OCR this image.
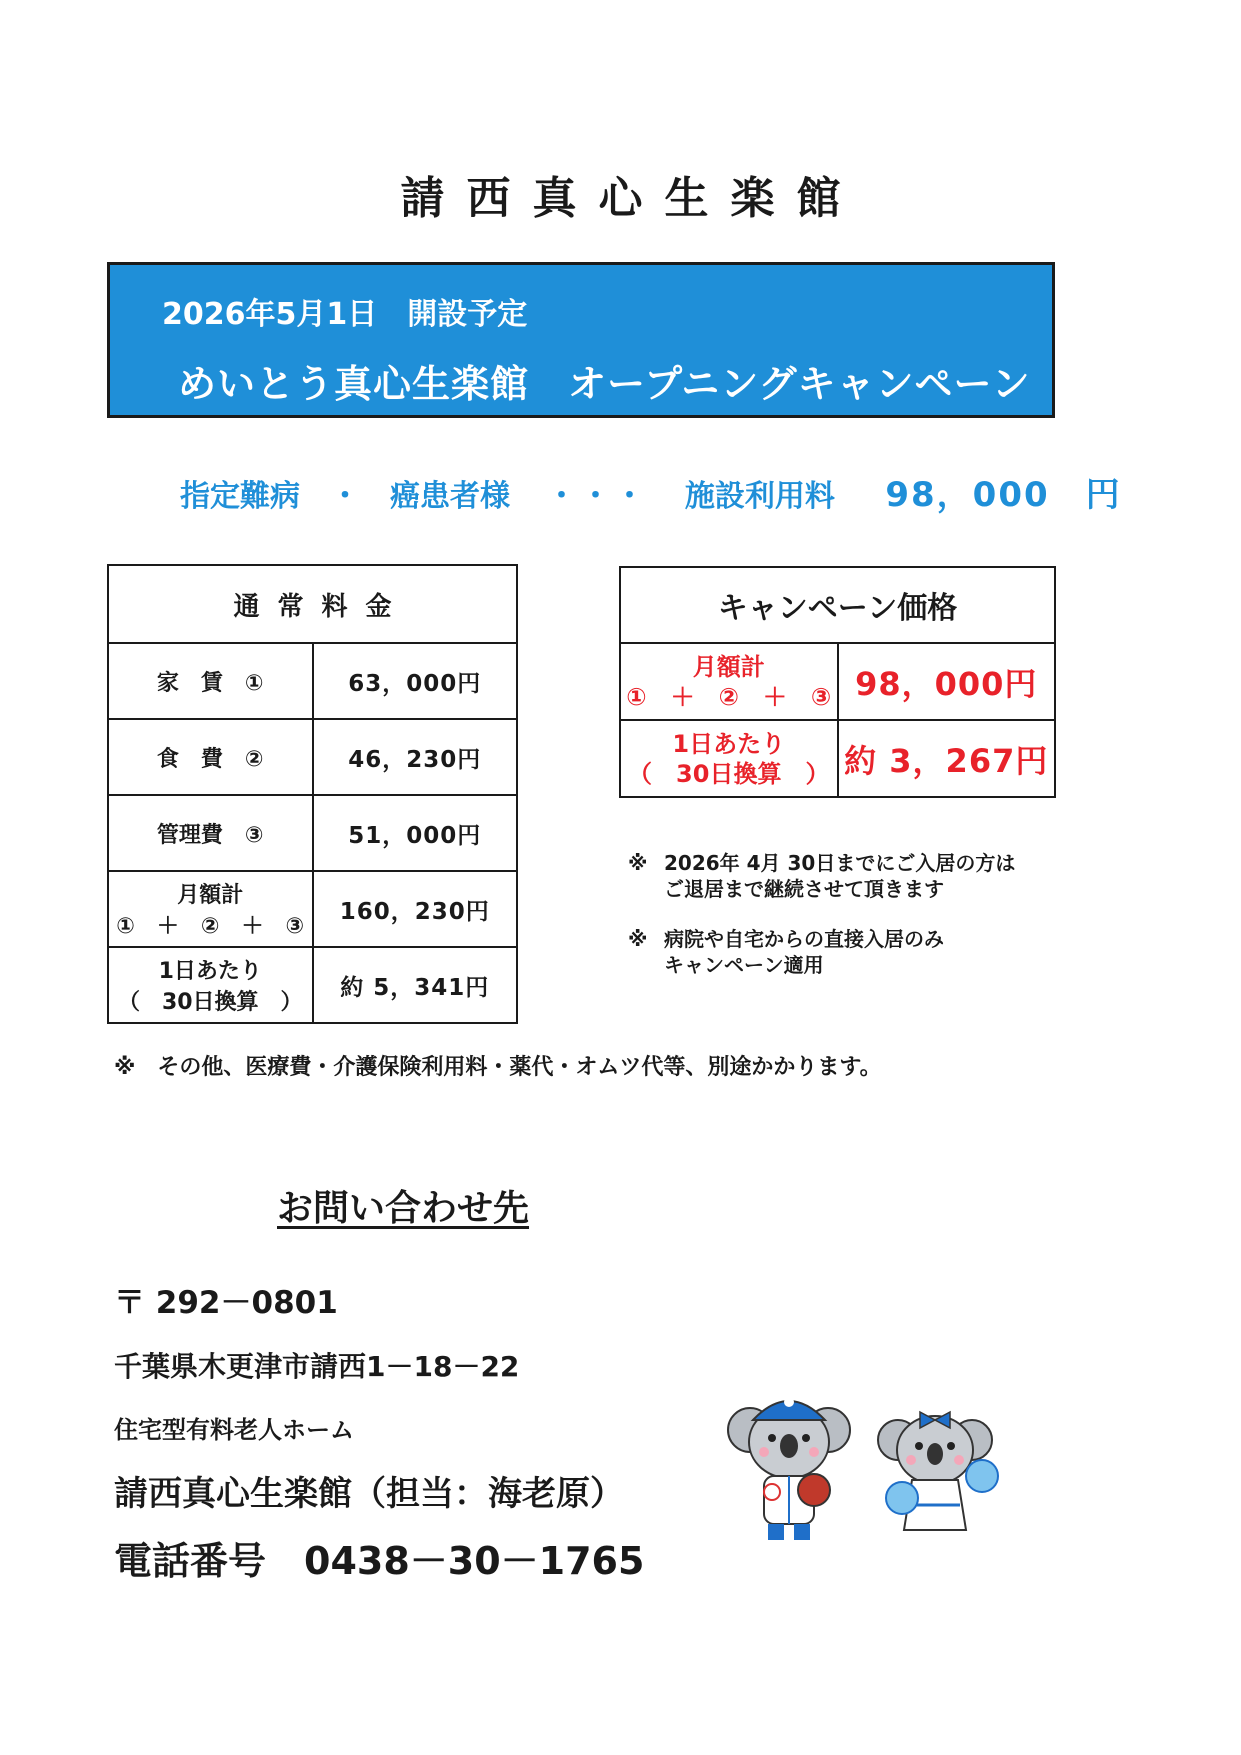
請西真心生楽館
2026年5月1日　開設予定
めいとう真心生楽館　オープニングキャンペーン
指定難病　・　癌患者様 ・・・ 施設利用料 98，000　円
通常料金	
家　賃　①	63，000円
食　費　②	46，230円
管理費　③	51，000円

月額計
①　＋　②　＋　③	160，230円

1日あたり
（　30日換算　）	約 5，341円
キャンペーン価格	

月額計
①　＋　②　＋　③	98，000円

1日あたり
（　30日換算　）	約 3，267円
※ 2026年 4月 30日までにご入居の方は
ご退居まで継続させて頂きます
※ 病院や自宅からの直接入居のみ
キャンペーン適用
※　その他、医療費・介護保険利用料・薬代・オムツ代等、別途かかります。
お問い合わせ先
〒 292－0801
千葉県木更津市請西1－18－22
住宅型有料老人ホーム
請西真心生楽館（担当：海老原）
電話番号　0438－30－1765
